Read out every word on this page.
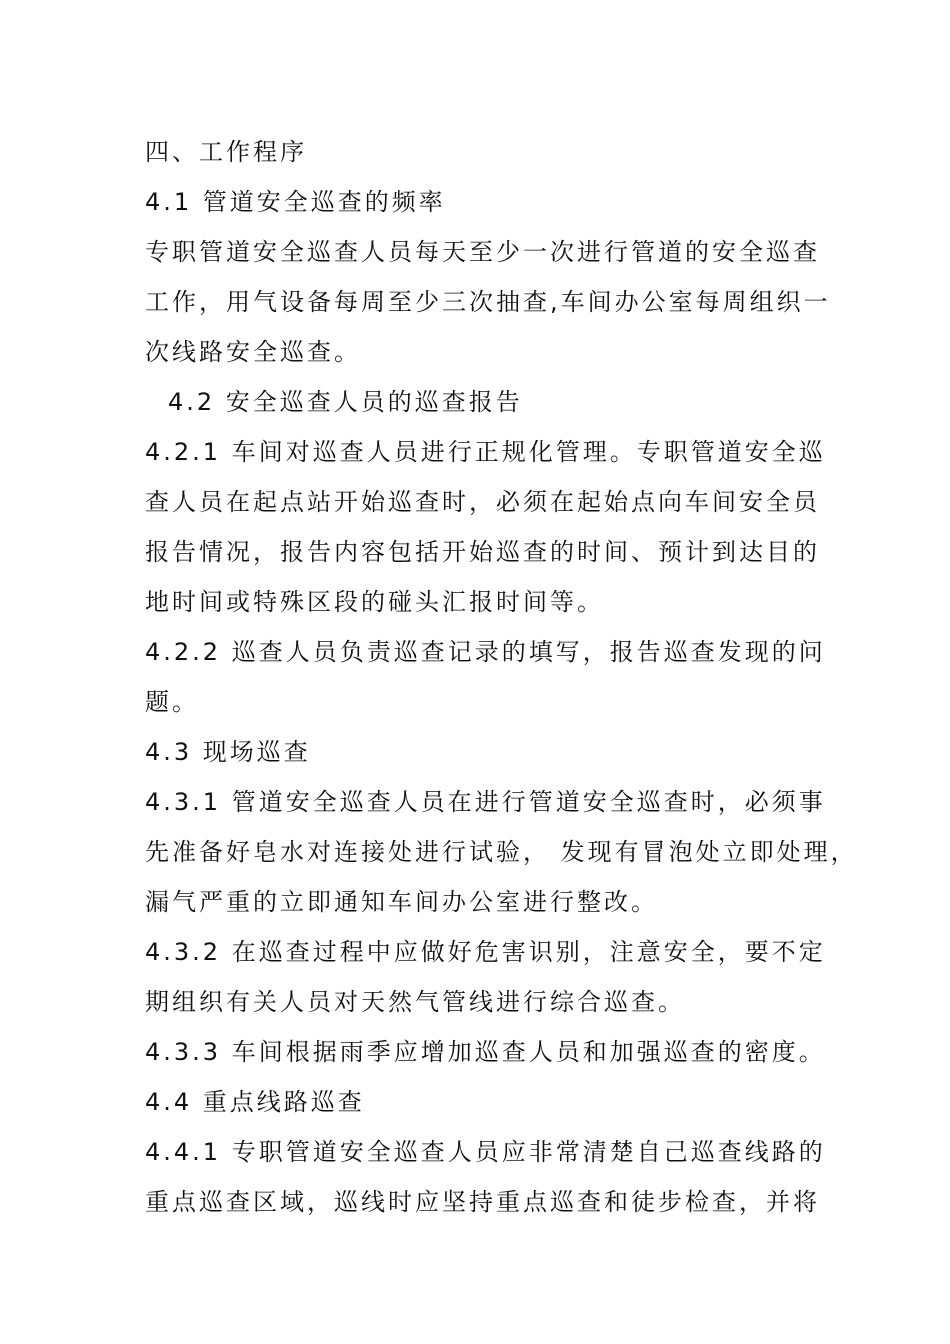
四、工作程序
4.1 管道安全巡查的频率
专职管道安全巡查人员每天至少一次进行管道的安全巡查
工作，用气设备每周至少三次抽查,车间办公室每周组织一
次线路安全巡查。
4.2 安全巡查人员的巡查报告
4.2.1 车间对巡查人员进行正规化管理。专职管道安全巡
查人员在起点站开始巡查时，必须在起始点向车间安全员
报告情况，报告内容包括开始巡查的时间、预计到达目的
地时间或特殊区段的碰头汇报时间等。
4.2.2 巡查人员负责巡查记录的填写，报告巡查发现的问
题。
4.3 现场巡查
4.3.1 管道安全巡查人员在进行管道安全巡查时，必须事
先准备好皂水对连接处进行试验， 发现有冒泡处立即处理，
漏气严重的立即通知车间办公室进行整改。
4.3.2 在巡查过程中应做好危害识别，注意安全，要不定
期组织有关人员对天然气管线进行综合巡查。
4.3.3 车间根据雨季应增加巡查人员和加强巡查的密度。
4.4 重点线路巡查
4.4.1 专职管道安全巡查人员应非常清楚自己巡查线路的
重点巡查区域，巡线时应坚持重点巡查和徒步检查，并将
